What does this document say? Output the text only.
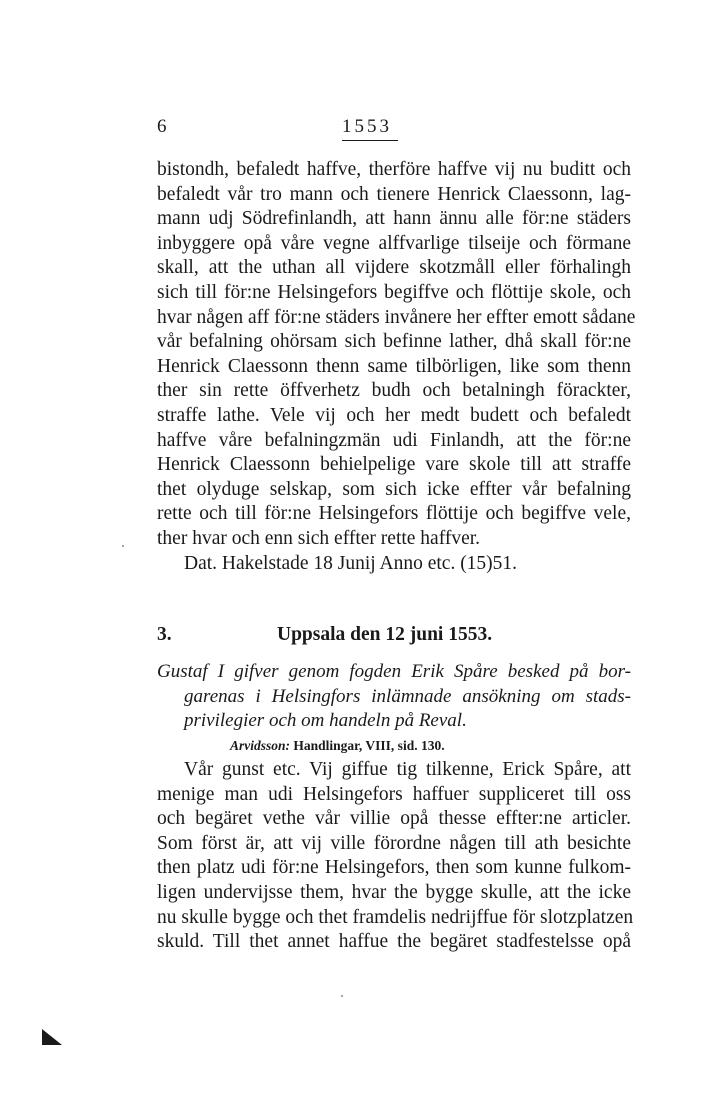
6	1553
bistondh, befaledt haffve, therföre haffve vij nu buditt och
befaledt vår tro mann och tienere Henrick Claessonn, lag-
mann udj Södrefinlandh, att hann ännu alle för:ne städers
inbyggere opå våre vegne alffvarlige tilseije och förmane
skall, att the uthan all vijdere skotzmåll eller förhalingh
sich till för:ne Helsingefors begiffve och flöttije skole, och
hvar någen aff för:ne städers invånere her effter emott sådane
vår befalning ohörsam sich befinne lather, dhå skall för:ne
Henrick Claessonn thenn same tilbörligen, like som thenn
ther sin rette öffverhetz budh och betalningh förackter,
straffe lathe. Vele vij och her medt budett och befaledt
haffve våre befalningzmän udi Finlandh, att the för:ne
Henrick Claessonn behielpelige vare skole till att straffe
thet olyduge selskap, som sich icke effter vår befalning
rette och till för:ne Helsingefors flöttije och begiffve vele,
ther hvar och enn sich effter rette haffver.
Dat. Hakelstade 18 Junij Anno etc. (15)51.
3.	Uppsala den 12 juni 1553.
Gustaf I gifver genom fogden Erik Spåre besked på bor-
garenas i Helsingfors inlämnade ansökning om stads-
privilegier och om handeln på Reval.
Arvidsson: Handlingar, VIII, sid. 130.
Vår gunst etc. Vij giffue tig tilkenne, Erick Spåre, att
menige man udi Helsingefors haffuer suppliceret till oss
och begäret vethe vår villie opå thesse effter:ne articler.
Som först är, att vij ville förordne någen till ath besichte
then platz udi för:ne Helsingefors, then som kunne fulkom-
ligen undervijsse them, hvar the bygge skulle, att the icke
nu skulle bygge och thet framdelis nedrijffue för slotzplatzen
skuld. Till thet annet haffue the begäret stadfestelsse opå
